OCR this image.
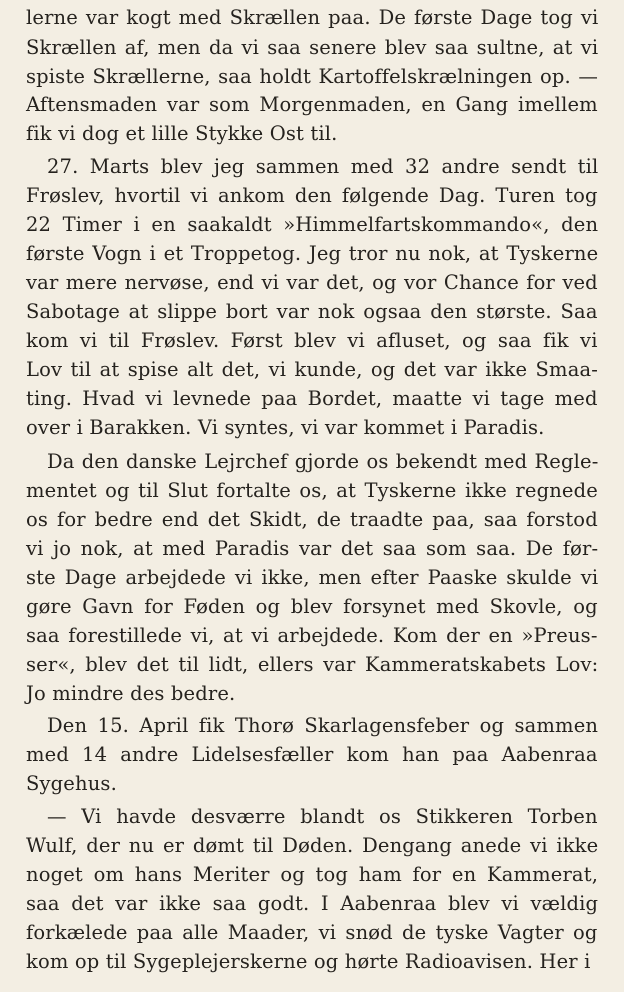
lerne var kogt med Skrællen paa. De første Dage tog vi
Skrællen af, men da vi saa senere blev saa sultne, at vi
spiste Skrællerne, saa holdt Kartoffelskrælningen op. —
Aftensmaden var som Morgenmaden, en Gang imellem
fik vi dog et lille Stykke Ost til.
27. Marts blev jeg sammen med 32 andre sendt til
Frøslev, hvortil vi ankom den følgende Dag. Turen tog
22 Timer i en saakaldt »Himmelfartskommando«, den
første Vogn i et Troppetog. Jeg tror nu nok, at Tyskerne
var mere nervøse, end vi var det, og vor Chance for ved
Sabotage at slippe bort var nok ogsaa den største. Saa
kom vi til Frøslev. Først blev vi afluset, og saa fik vi
Lov til at spise alt det, vi kunde, og det var ikke Smaa-
ting. Hvad vi levnede paa Bordet, maatte vi tage med
over i Barakken. Vi syntes, vi var kommet i Paradis.
Da den danske Lejrchef gjorde os bekendt med Regle-
mentet og til Slut fortalte os, at Tyskerne ikke regnede
os for bedre end det Skidt, de traadte paa, saa forstod
vi jo nok, at med Paradis var det saa som saa. De før-
ste Dage arbejdede vi ikke, men efter Paaske skulde vi
gøre Gavn for Føden og blev forsynet med Skovle, og
saa forestillede vi, at vi arbejdede. Kom der en »Preus-
ser«, blev det til lidt, ellers var Kammeratskabets Lov:
Jo mindre des bedre.
Den 15. April fik Thorø Skarlagensfeber og sammen
med 14 andre Lidelsesfæller kom han paa Aabenraa
Sygehus.
— Vi havde desværre blandt os Stikkeren Torben
Wulf, der nu er dømt til Døden. Dengang anede vi ikke
noget om hans Meriter og tog ham for en Kammerat,
saa det var ikke saa godt. I Aabenraa blev vi vældig
forkælede paa alle Maader, vi snød de tyske Vagter og
kom op til Sygeplejerskerne og hørte Radioavisen. Her i
